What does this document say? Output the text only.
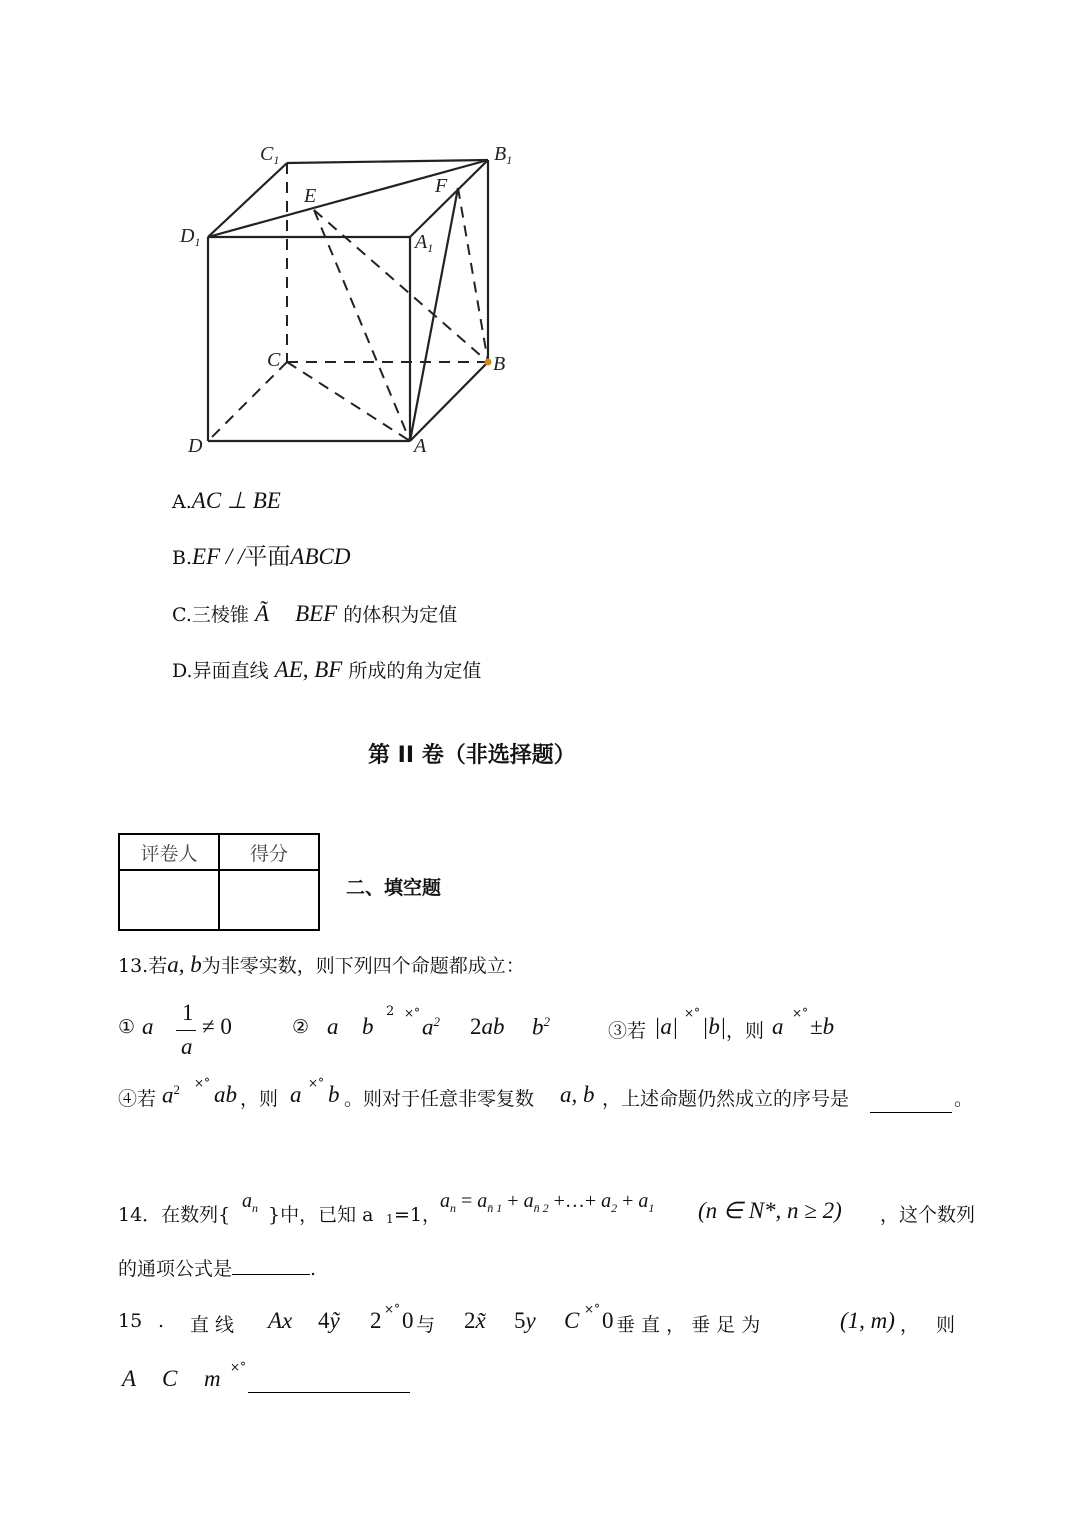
$C_1$	$B_1$
E	F
$D_1$	$A_1$
C	B
D	A
A.AC ⊥ BE
B.EF / /平面ABCD
C.三棱锥 Ã BEF 的体积为定值
D.异面直线 AE, BF 所成的角为定值
第 II 卷（非选择题）
评卷人	得分

二、填空题
13.若a, b为非零实数，则下列四个命题都成立：
① a
1
a
≠ 0	② a b
2 ×°
$a^2$ 2ab $b^2$	③若 |a|
×°
|b| ，则 a
×°
±b
④若 $a^2$ ×° ab ，则 a ×° b 。则对于任意非零复数 a, b ，上述命题仍然成立的序号是	。
14．在数列{
$a_n$ }中，已知 a 1 =1，
$a_n = a_{n̄ 1} + a_{n̄ 2}$ +…+ $a_2 + a_1$ (n ∈ N*, n ≥ 2) ，这个数列
的通项公式是	.
15 . 直 线 Ax 4ỹ 2 ×° 0 与 2x̃ 5y C ×° 0 垂 直 ， 垂 足 为	(1, m) ， 则
A C m ×°
